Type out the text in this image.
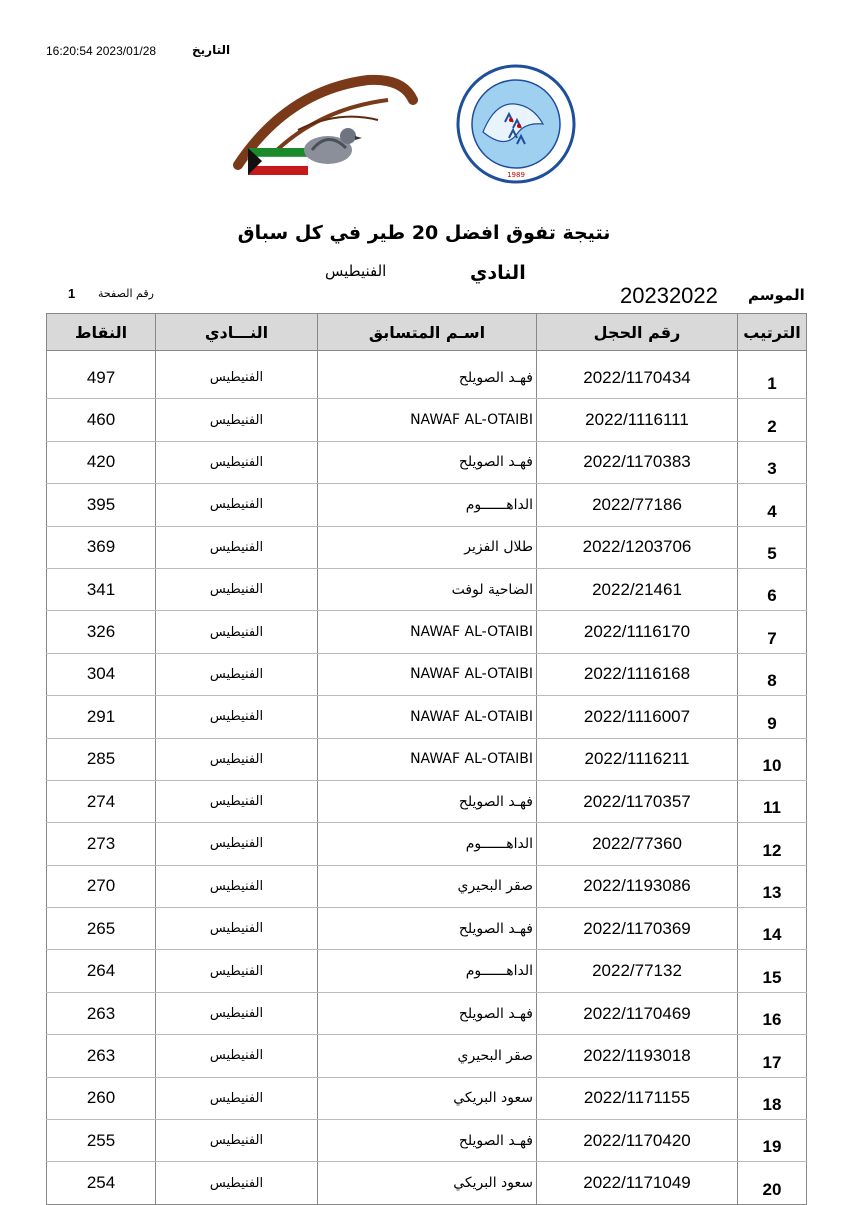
16:20:54 2023/01/28	التاريخ
1989
نتيجة تفوق افضل 20 طير في كل سباق
النادي
الفنيطيس
الموسم
20232022
رقم الصفحة
1
النقاط	النـــادي	اسـم المتسابق	رقم الحجل	الترتيب

497	الفنيطيس	فهـد الصويلح	2022/1170434	1
460	الفنيطيس	NAWAF AL-OTAIBI	2022/1116111	2
420	الفنيطيس	فهـد الصويلح	2022/1170383	3
395	الفنيطيس	الداهــــــوم	2022/77186	4
369	الفنيطيس	طلال الفزير	2022/1203706	5
341	الفنيطيس	الضاحية لوفت	2022/21461	6
326	الفنيطيس	NAWAF AL-OTAIBI	2022/1116170	7
304	الفنيطيس	NAWAF AL-OTAIBI	2022/1116168	8
291	الفنيطيس	NAWAF AL-OTAIBI	2022/1116007	9
285	الفنيطيس	NAWAF AL-OTAIBI	2022/1116211	10
274	الفنيطيس	فهـد الصويلح	2022/1170357	11
273	الفنيطيس	الداهــــــوم	2022/77360	12
270	الفنيطيس	صقر البحيري	2022/1193086	13
265	الفنيطيس	فهـد الصويلح	2022/1170369	14
264	الفنيطيس	الداهــــــوم	2022/77132	15
263	الفنيطيس	فهـد الصويلح	2022/1170469	16
263	الفنيطيس	صقر البحيري	2022/1193018	17
260	الفنيطيس	سعود البريكي	2022/1171155	18
255	الفنيطيس	فهـد الصويلح	2022/1170420	19
254	الفنيطيس	سعود البريكي	2022/1171049	20
